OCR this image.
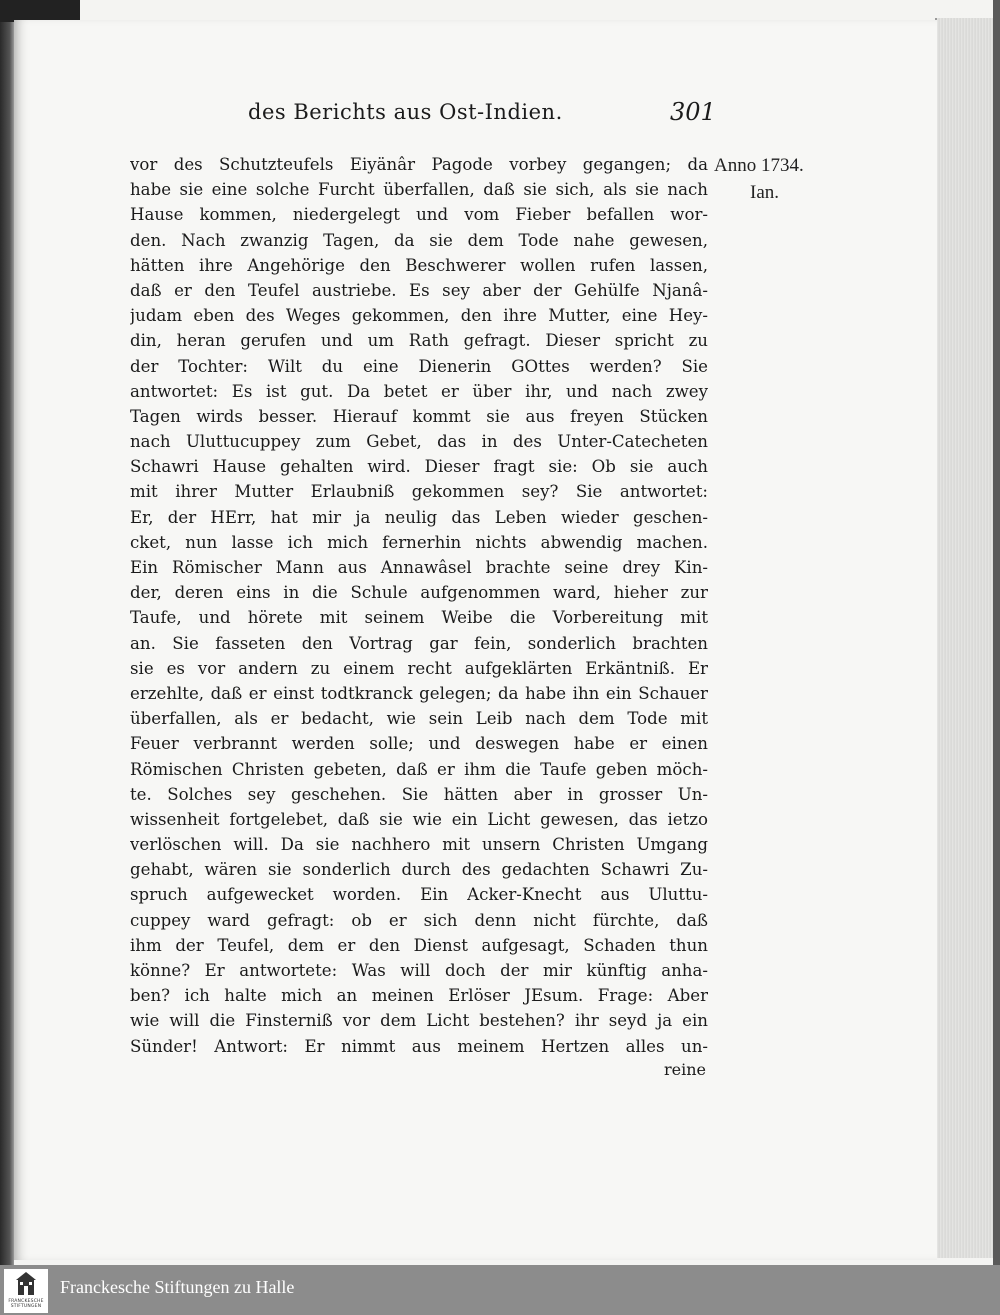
des Berichts aus Ost-Indien.	301
Anno 1734.
Ian.
vor des Schutzteufels Eiyänâr Pagode vorbey gegangen; da
habe sie eine solche Furcht überfallen, daß sie sich, als sie nach
Hause kommen, niedergelegt und vom Fieber befallen wor-
den. Nach zwanzig Tagen, da sie dem Tode nahe gewesen,
hätten ihre Angehörige den Beschwerer wollen rufen lassen,
daß er den Teufel austriebe. Es sey aber der Gehülfe Njanâ-
judam eben des Weges gekommen, den ihre Mutter, eine Hey-
din, heran gerufen und um Rath gefragt. Dieser spricht zu
der Tochter: Wilt du eine Dienerin GOttes werden? Sie
antwortet: Es ist gut. Da betet er über ihr, und nach zwey
Tagen wirds besser. Hierauf kommt sie aus freyen Stücken
nach Uluttucuppey zum Gebet, das in des Unter-Catecheten
Schawri Hause gehalten wird. Dieser fragt sie: Ob sie auch
mit ihrer Mutter Erlaubniß gekommen sey? Sie antwortet:
Er, der HErr, hat mir ja neulig das Leben wieder geschen-
cket, nun lasse ich mich fernerhin nichts abwendig machen.
Ein Römischer Mann aus Annawâsel brachte seine drey Kin-
der, deren eins in die Schule aufgenommen ward, hieher zur
Taufe, und hörete mit seinem Weibe die Vorbereitung mit
an. Sie fasseten den Vortrag gar fein, sonderlich brachten
sie es vor andern zu einem recht aufgeklärten Erkäntniß. Er
erzehlte, daß er einst todtkranck gelegen; da habe ihn ein Schauer
überfallen, als er bedacht, wie sein Leib nach dem Tode mit
Feuer verbrannt werden solle; und deswegen habe er einen
Römischen Christen gebeten, daß er ihm die Taufe geben möch-
te. Solches sey geschehen. Sie hätten aber in grosser Un-
wissenheit fortgelebet, daß sie wie ein Licht gewesen, das ietzo
verlöschen will. Da sie nachhero mit unsern Christen Umgang
gehabt, wären sie sonderlich durch des gedachten Schawri Zu-
spruch aufgewecket worden. Ein Acker-Knecht aus Uluttu-
cuppey ward gefragt: ob er sich denn nicht fürchte, daß
ihm der Teufel, dem er den Dienst aufgesagt, Schaden thun
könne? Er antwortete: Was will doch der mir künftig anha-
ben? ich halte mich an meinen Erlöser JEsum. Frage: Aber
wie will die Finsterniß vor dem Licht bestehen? ihr seyd ja ein
Sünder! Antwort: Er nimmt aus meinem Hertzen alles un-
reine
FRANCKESCHE
STIFTUNGEN
Franckesche Stiftungen zu Halle
